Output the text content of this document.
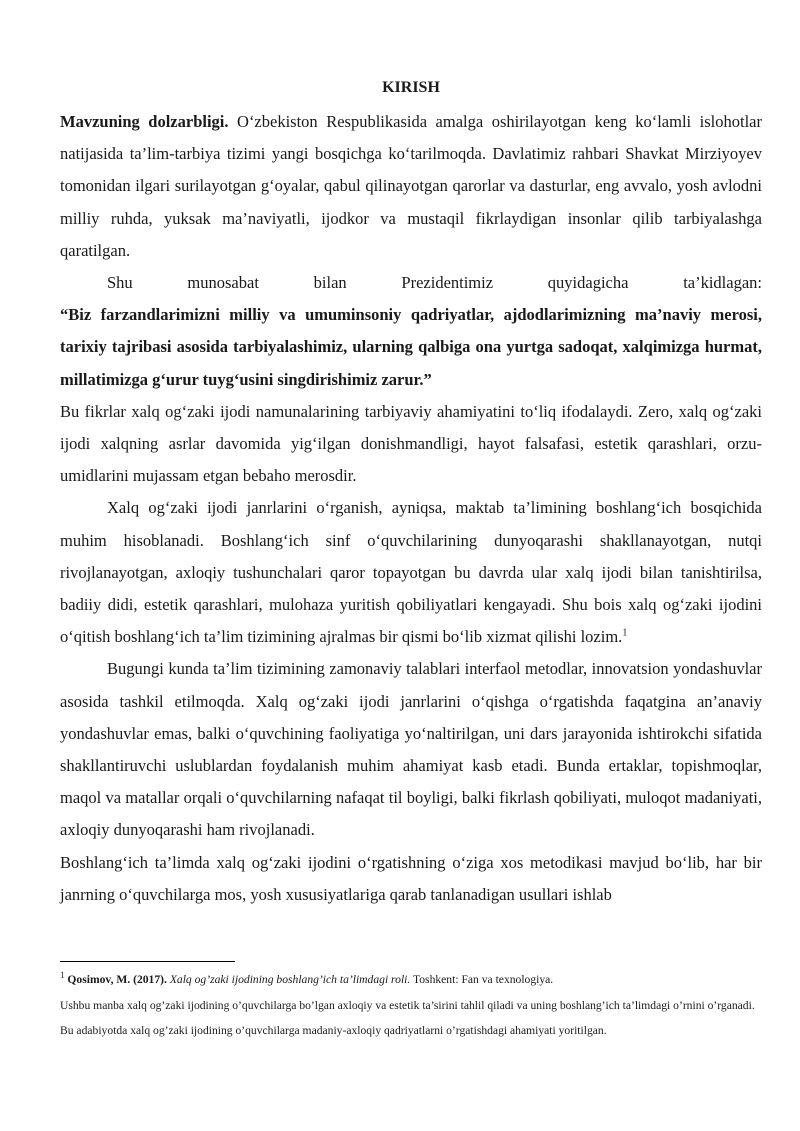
KIRISH

Mavzuning dolzarbligi. O‘zbekiston Respublikasida amalga oshirilayotgan keng ko‘lamli islohotlar natijasida ta’lim-tarbiya tizimi yangi bosqichga ko‘tarilmoqda. Davlatimiz rahbari Shavkat Mirziyoyev tomonidan ilgari surilayotgan g‘oyalar, qabul qilinayotgan qarorlar va dasturlar, eng avvalo, yosh avlodni milliy ruhda, yuksak ma’naviyatli, ijodkor va mustaqil fikrlaydigan insonlar qilib tarbiyalashga qaratilgan.

Shu munosabat bilan Prezidentimiz quyidagicha ta’kidlagan:

“Biz farzandlarimizni milliy va umuminsoniy qadriyatlar, ajdodlarimizning ma’naviy merosi, tarixiy tajribasi asosida tarbiyalashimiz, ularning qalbiga ona yurtga sadoqat, xalqimizga hurmat, millatimizga g‘urur tuyg‘usini singdirishimiz zarur.”

Bu fikrlar xalq og‘zaki ijodi namunalarining tarbiyaviy ahamiyatini to‘liq ifodalaydi. Zero, xalq og‘zaki ijodi xalqning asrlar davomida yig‘ilgan donishmandligi, hayot falsafasi, estetik qarashlari, orzu-umidlarini mujassam etgan bebaho merosdir.

Xalq og‘zaki ijodi janrlarini o‘rganish, ayniqsa, maktab ta’limining boshlang‘ich bosqichida muhim hisoblanadi. Boshlang‘ich sinf o‘quvchilarining dunyoqarashi shakllanayotgan, nutqi rivojlanayotgan, axloqiy tushunchalari qaror topayotgan bu davrda ular xalq ijodi bilan tanishtirilsa, badiiy didi, estetik qarashlari, mulohaza yuritish qobiliyatlari kengayadi. Shu bois xalq og‘zaki ijodini o‘qitish boshlang‘ich ta’lim tizimining ajralmas bir qismi bo‘lib xizmat qilishi lozim.$^1$

Bugungi kunda ta’lim tizimining zamonaviy talablari interfaol metodlar, innovatsion yondashuvlar asosida tashkil etilmoqda. Xalq og‘zaki ijodi janrlarini o‘qishga o‘rgatishda faqatgina an’anaviy yondashuvlar emas, balki o‘quvchining faoliyatiga yo‘naltirilgan, uni dars jarayonida ishtirokchi sifatida shakllantiruvchi uslublardan foydalanish muhim ahamiyat kasb etadi. Bunda ertaklar, topishmoqlar, maqol va matallar orqali o‘quvchilarning nafaqat til boyligi, balki fikrlash qobiliyati, muloqot madaniyati, axloqiy dunyoqarashi ham rivojlanadi.

Boshlang‘ich ta’limda xalq og‘zaki ijodini o‘rgatishning o‘ziga xos metodikasi mavjud bo‘lib, har bir janrning o‘quvchilarga mos, yosh xususiyatlariga qarab tanlanadigan usullari ishlab

$^1$ Qosimov, M. (2017). Xalq og’zaki ijodining boshlang’ich ta’limdagi roli. Toshkent: Fan va texnologiya.

Ushbu manba xalq og’zaki ijodining o’quvchilarga bo’lgan axloqiy va estetik ta’sirini tahlil qiladi va uning boshlang’ich ta’limdagi o’rnini o’rganadi. Bu adabiyotda xalq og’zaki ijodining o’quvchilarga madaniy-axloqiy qadriyatlarni o’rgatishdagi ahamiyati yoritilgan.
